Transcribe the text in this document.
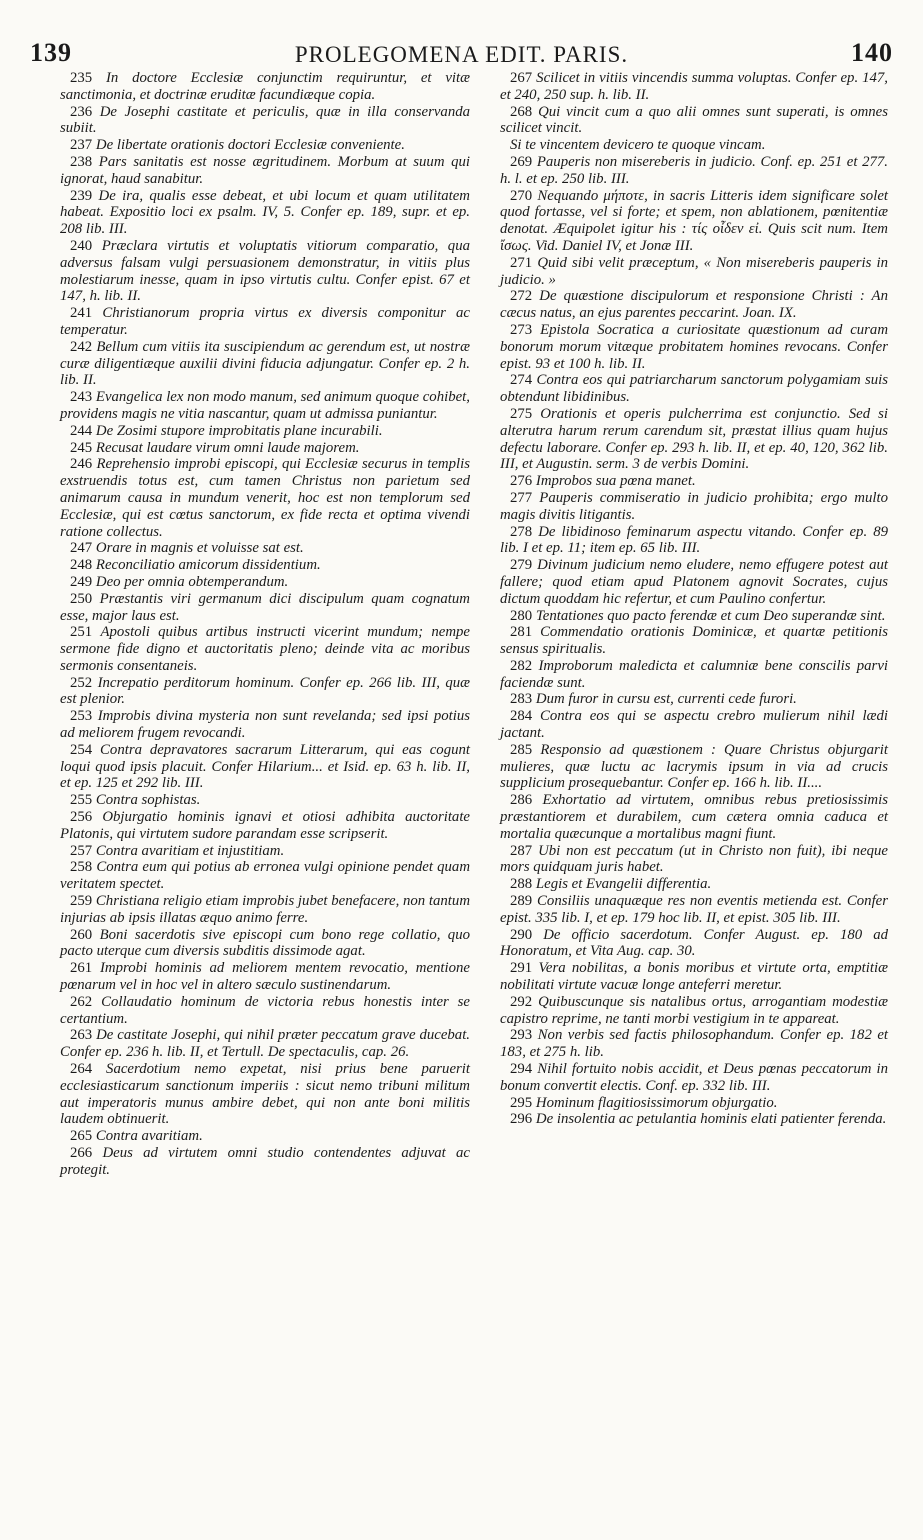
139	PROLEGOMENA EDIT. PARIS.	140

235 In doctore Ecclesiæ conjunctim requiruntur, et vitæ sanctimonia, et doctrinæ eruditæ facundiæque copia.

236 De Josephi castitate et periculis, quæ in illa conservanda subiit.

237 De libertate orationis doctori Ecclesiæ conveniente.

238 Pars sanitatis est nosse ægritudinem. Morbum at suum qui ignorat, haud sanabitur.

239 De ira, qualis esse debeat, et ubi locum et quam utilitatem habeat. Expositio loci ex psalm. IV, 5. Confer ep. 189, supr. et ep. 208 lib. III.

240 Præclara virtutis et voluptatis vitiorum comparatio, qua adversus falsam vulgi persuasionem demonstratur, in vitiis plus molestiarum inesse, quam in ipso virtutis cultu. Confer epist. 67 et 147, h. lib. II.

241 Christianorum propria virtus ex diversis componitur ac temperatur.

242 Bellum cum vitiis ita suscipiendum ac gerendum est, ut nostræ curæ diligentiæque auxilii divini fiducia adjungatur. Confer ep. 2 h. lib. II.

243 Evangelica lex non modo manum, sed animum quoque cohibet, providens magis ne vitia nascantur, quam ut admissa puniantur.

244 De Zosimi stupore improbitatis plane incurabili.

245 Recusat laudare virum omni laude majorem.

246 Reprehensio improbi episcopi, qui Ecclesiæ securus in templis exstruendis totus est, cum tamen Christus non parietum sed animarum causa in mundum venerit, hoc est non templorum sed Ecclesiæ, qui est cœtus sanctorum, ex fide recta et optima vivendi ratione collectus.

247 Orare in magnis et voluisse sat est.

248 Reconciliatio amicorum dissidentium.

249 Deo per omnia obtemperandum.

250 Præstantis viri germanum dici discipulum quam cognatum esse, major laus est.

251 Apostoli quibus artibus instructi vicerint mundum; nempe sermone fide digno et auctoritatis pleno; deinde vita ac moribus sermonis consentaneis.

252 Increpatio perditorum hominum. Confer ep. 266 lib. III, quæ est plenior.

253 Improbis divina mysteria non sunt revelanda; sed ipsi potius ad meliorem frugem revocandi.

254 Contra depravatores sacrarum Litterarum, qui eas cogunt loqui quod ipsis placuit. Confer Hilarium... et Isid. ep. 63 h. lib. II, et ep. 125 et 292 lib. III.

255 Contra sophistas.

256 Objurgatio hominis ignavi et otiosi adhibita auctoritate Platonis, qui virtutem sudore parandam esse scripserit.

257 Contra avaritiam et injustitiam.

258 Contra eum qui potius ab erronea vulgi opinione pendet quam veritatem spectet.

259 Christiana religio etiam improbis jubet benefacere, non tantum injurias ab ipsis illatas æquo animo ferre.

260 Boni sacerdotis sive episcopi cum bono rege collatio, quo pacto uterque cum diversis subditis dissimode agat.

261 Improbi hominis ad meliorem mentem revocatio, mentione pœnarum vel in hoc vel in altero sæculo sustinendarum.

262 Collaudatio hominum de victoria rebus honestis inter se certantium.

263 De castitate Josephi, qui nihil præter peccatum grave ducebat. Confer ep. 236 h. lib. II, et Tertull. De spectaculis, cap. 26.

264 Sacerdotium nemo expetat, nisi prius bene paruerit ecclesiasticarum sanctionum imperiis : sicut nemo tribuni militum aut imperatoris munus ambire debet, qui non ante boni militis laudem obtinuerit.

265 Contra avaritiam.

266 Deus ad virtutem omni studio contendentes adjuvat ac protegit.

267 Scilicet in vitiis vincendis summa voluptas. Confer ep. 147, et 240, 250 sup. h. lib. II.

268 Qui vincit cum a quo alii omnes sunt superati, is omnes scilicet vincit.

Si te vincentem devicero te quoque vincam.

269 Pauperis non misereberis in judicio. Conf. ep. 251 et 277. h. l. et ep. 250 lib. III.

270 Nequando μήποτε, in sacris Litteris idem significare solet quod fortasse, vel si forte; et spem, non ablationem, pœnitentiæ denotat. Æquipolet igitur his : τίς οἶδεν εἰ. Quis scit num. Item ἴσως. Vid. Daniel IV, et Jonæ III.

271 Quid sibi velit præceptum, « Non misereberis pauperis in judicio. »

272 De quæstione discipulorum et responsione Christi : An cæcus natus, an ejus parentes peccarint. Joan. IX.

273 Epistola Socratica a curiositate quæstionum ad curam bonorum morum vitæque probitatem homines revocans. Confer epist. 93 et 100 h. lib. II.

274 Contra eos qui patriarcharum sanctorum polygamiam suis obtendunt libidinibus.

275 Orationis et operis pulcherrima est conjunctio. Sed si alterutra harum rerum carendum sit, præstat illius quam hujus defectu laborare. Confer ep. 293 h. lib. II, et ep. 40, 120, 362 lib. III, et Augustin. serm. 3 de verbis Domini.

276 Improbos sua pœna manet.

277 Pauperis commiseratio in judicio prohibita; ergo multo magis divitis litigantis.

278 De libidinoso feminarum aspectu vitando. Confer ep. 89 lib. I et ep. 11; item ep. 65 lib. III.

279 Divinum judicium nemo eludere, nemo effugere potest aut fallere; quod etiam apud Platonem agnovit Socrates, cujus dictum quoddam hic refertur, et cum Paulino confertur.

280 Tentationes quo pacto ferendæ et cum Deo superandæ sint.

281 Commendatio orationis Dominicæ, et quartæ petitionis sensus spiritualis.

282 Improborum maledicta et calumniæ bene conscilis parvi faciendæ sunt.

283 Dum furor in cursu est, currenti cede furori.

284 Contra eos qui se aspectu crebro mulierum nihil lædi jactant.

285 Responsio ad quæstionem : Quare Christus objurgarit mulieres, quæ luctu ac lacrymis ipsum in via ad crucis supplicium prosequebantur. Confer ep. 166 h. lib. II....

286 Exhortatio ad virtutem, omnibus rebus pretiosissimis præstantiorem et durabilem, cum cætera omnia caduca et mortalia quæcunque a mortalibus magni fiunt.

287 Ubi non est peccatum (ut in Christo non fuit), ibi neque mors quidquam juris habet.

288 Legis et Evangelii differentia.

289 Consiliis unaquæque res non eventis metienda est. Confer epist. 335 lib. I, et ep. 179 hoc lib. II, et epist. 305 lib. III.

290 De officio sacerdotum. Confer August. ep. 180 ad Honoratum, et Vita Aug. cap. 30.

291 Vera nobilitas, a bonis moribus et virtute orta, emptitiæ nobilitati virtute vacuæ longe anteferri meretur.

292 Quibuscunque sis natalibus ortus, arrogantiam modestiæ capistro reprime, ne tanti morbi vestigium in te appareat.

293 Non verbis sed factis philosophandum. Confer ep. 182 et 183, et 275 h. lib.

294 Nihil fortuito nobis accidit, et Deus pœnas peccatorum in bonum convertit electis. Conf. ep. 332 lib. III.

295 Hominum flagitiosissimorum objurgatio.

296 De insolentia ac petulantia hominis elati patienter ferenda.
